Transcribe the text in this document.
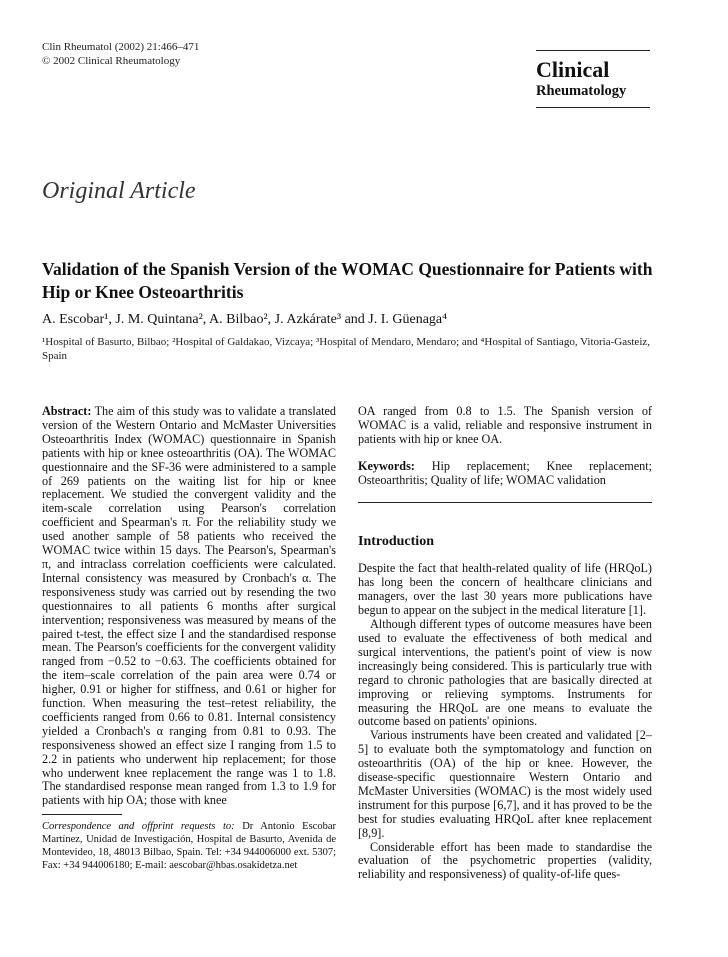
Clin Rheumatol (2002) 21:466–471
© 2002 Clinical Rheumatology	Clinical
Rheumatology
Original Article
Validation of the Spanish Version of the WOMAC Questionnaire for Patients with Hip or Knee Osteoarthritis
A. Escobar¹, J. M. Quintana², A. Bilbao², J. Azkárate³ and J. I. Güenaga⁴
¹Hospital of Basurto, Bilbao; ²Hospital of Galdakao, Vizcaya; ³Hospital of Mendaro, Mendaro; and ⁴Hospital of Santiago, Vitoria-Gasteiz, Spain

Abstract: The aim of this study was to validate a translated version of the Western Ontario and McMaster Universities Osteoarthritis Index (WOMAC) questionnaire in Spanish patients with hip or knee osteoarthritis (OA). The WOMAC questionnaire and the SF-36 were administered to a sample of 269 patients on the waiting list for hip or knee replacement. We studied the convergent validity and the item-scale correlation using Pearson's correlation coefficient and Spearman's π. For the reliability study we used another sample of 58 patients who received the WOMAC twice within 15 days. The Pearson's, Spearman's π, and intraclass correlation coefficients were calculated. Internal consistency was measured by Cronbach's α. The responsiveness study was carried out by resending the two questionnaires to all patients 6 months after surgical intervention; responsiveness was measured by means of the paired t-test, the effect size I and the standardised response mean. The Pearson's coefficients for the convergent validity ranged from −0.52 to −0.63. The coefficients obtained for the item–scale correlation of the pain area were 0.74 or higher, 0.91 or higher for stiffness, and 0.61 or higher for function. When measuring the test–retest reliability, the coefficients ranged from 0.66 to 0.81. Internal consistency yielded a Cronbach's α ranging from 0.81 to 0.93. The responsiveness showed an effect size I ranging from 1.5 to 2.2 in patients who underwent hip replacement; for those who underwent knee replacement the range was 1 to 1.8. The standardised response mean ranged from 1.3 to 1.9 for patients with hip OA; those with knee

Correspondence and offprint requests to: Dr Antonio Escobar Martínez, Unidad de Investigación, Hospital de Basurto, Avenida de Montevideo, 18, 48013 Bilbao, Spain. Tel: +34 944006000 ext. 5307; Fax: +34 944006180; E-mail: aescobar@hbas.osakidetza.net

OA ranged from 0.8 to 1.5. The Spanish version of WOMAC is a valid, reliable and responsive instrument in patients with hip or knee OA.

Keywords: Hip replacement; Knee replacement; Osteoarthritis; Quality of life; WOMAC validation

Introduction

Despite the fact that health-related quality of life (HRQoL) has long been the concern of healthcare clinicians and managers, over the last 30 years more publications have begun to appear on the subject in the medical literature [1].

Although different types of outcome measures have been used to evaluate the effectiveness of both medical and surgical interventions, the patient's point of view is now increasingly being considered. This is particularly true with regard to chronic pathologies that are basically directed at improving or relieving symptoms. Instruments for measuring the HRQoL are one means to evaluate the outcome based on patients' opinions.

Various instruments have been created and validated [2–5] to evaluate both the symptomatology and function on osteoarthritis (OA) of the hip or knee. However, the disease-specific questionnaire Western Ontario and McMaster Universities (WOMAC) is the most widely used instrument for this purpose [6,7], and it has proved to be the best for studies evaluating HRQoL after knee replacement [8,9].

Considerable effort has been made to standardise the evaluation of the psychometric properties (validity, reliability and responsiveness) of quality-of-life ques-
